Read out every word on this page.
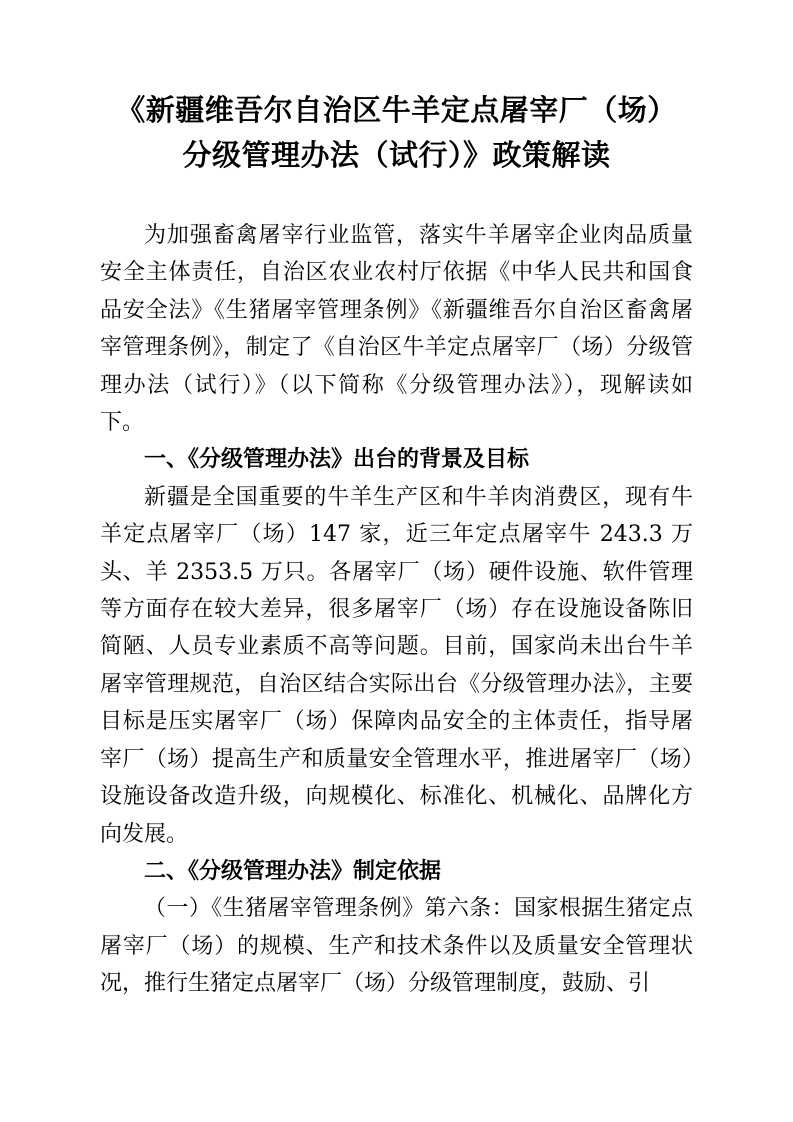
《新疆维吾尔自治区牛羊定点屠宰厂（场）
分级管理办法（试行）》政策解读

为加强畜禽屠宰行业监管，落实牛羊屠宰企业肉品质量安全主体责任，自治区农业农村厅依据《中华人民共和国食品安全法》《生猪屠宰管理条例》《新疆维吾尔自治区畜禽屠宰管理条例》，制定了《自治区牛羊定点屠宰厂（场）分级管理办法（试行）》（以下简称《分级管理办法》），现解读如下。

一、《分级管理办法》出台的背景及目标

新疆是全国重要的牛羊生产区和牛羊肉消费区，现有牛羊定点屠宰厂（场）147 家，近三年定点屠宰牛 243.3 万头、羊 2353.5 万只。各屠宰厂（场）硬件设施、软件管理等方面存在较大差异，很多屠宰厂（场）存在设施设备陈旧简陋、人员专业素质不高等问题。目前，国家尚未出台牛羊屠宰管理规范，自治区结合实际出台《分级管理办法》，主要目标是压实屠宰厂（场）保障肉品安全的主体责任，指导屠宰厂（场）提高生产和质量安全管理水平，推进屠宰厂（场）设施设备改造升级，向规模化、标准化、机械化、品牌化方向发展。

二、《分级管理办法》制定依据

（一）《生猪屠宰管理条例》第六条：国家根据生猪定点屠宰厂（场）的规模、生产和技术条件以及质量安全管理状况，推行生猪定点屠宰厂（场）分级管理制度，鼓励、引
